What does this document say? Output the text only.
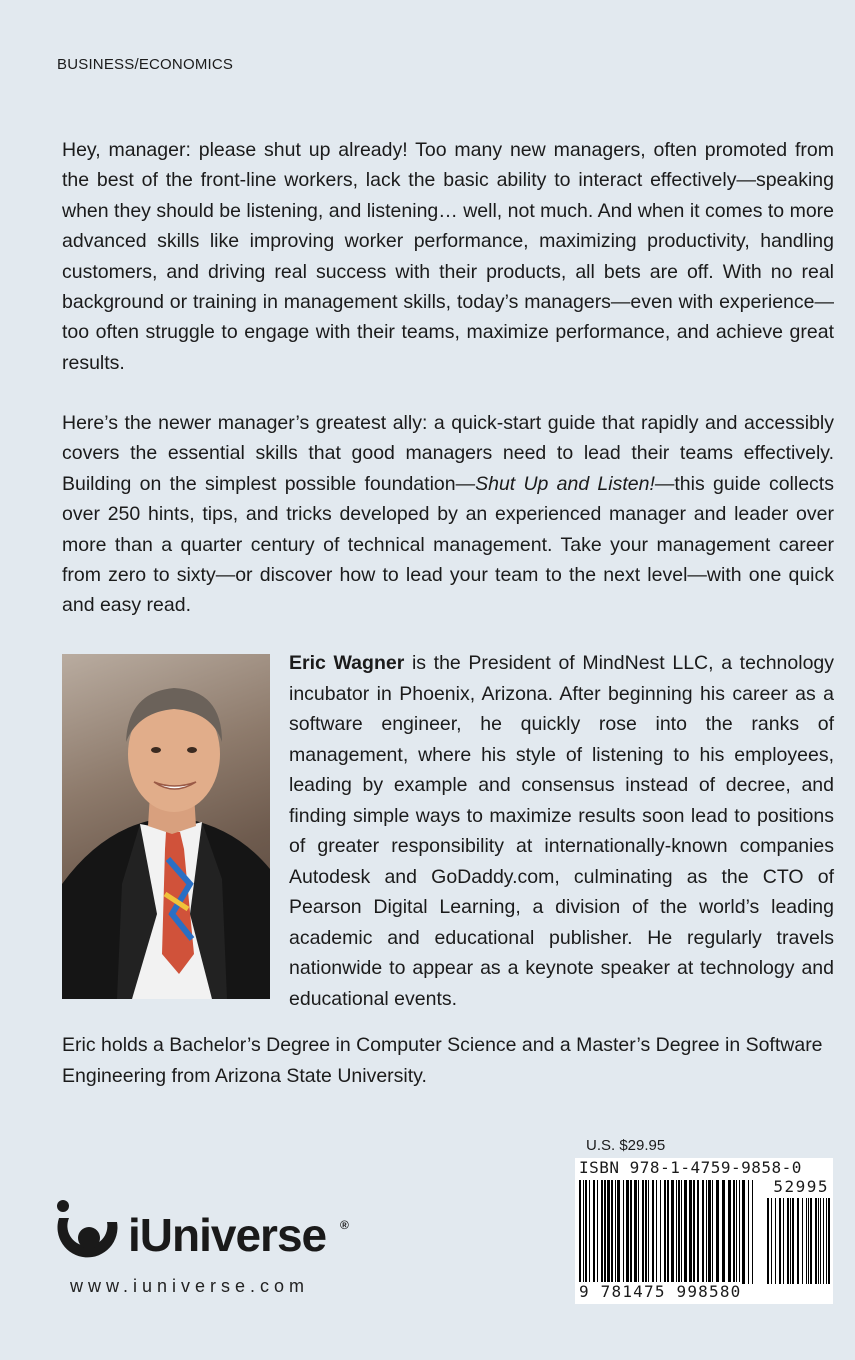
BUSINESS/ECONOMICS

Hey, manager: please shut up already! Too many new managers, often promoted from the best of the front-line workers, lack the basic ability to interact effectively—speaking when they should be listening, and listening… well, not much. And when it comes to more advanced skills like improving worker performance, maximizing productivity, handling customers, and driving real success with their products, all bets are off. With no real background or training in management skills, today’s managers—even with experience—too often struggle to engage with their teams, maximize performance, and achieve great results.

Here’s the newer manager’s greatest ally: a quick-start guide that rapidly and accessibly covers the essential skills that good managers need to lead their teams effectively. Building on the simplest possible foundation—Shut Up and Listen!—this guide collects over 250 hints, tips, and tricks developed by an experienced manager and leader over more than a quarter century of technical management. Take your management career from zero to sixty—or discover how to lead your team to the next level—with one quick and easy read.

Eric Wagner is the President of MindNest LLC, a technology incubator in Phoenix, Arizona. After beginning his career as a software engineer, he quickly rose into the ranks of management, where his style of listening to his employees, leading by example and consensus instead of decree, and finding simple ways to maximize results soon lead to positions of greater responsibility at internationally-known companies Autodesk and GoDaddy.com, culminating as the CTO of Pearson Digital Learning, a division of the world’s leading academic and educational publisher. He regularly travels nationwide to appear as a keynote speaker at technology and educational events.

Eric holds a Bachelor’s Degree in Computer Science and a Master’s Degree in Software Engineering from Arizona State University.

U.S. $29.95
ISBN 978-1-4759-9858-0
52995
9 781475 998580
iUniverse ®
www.iuniverse.com
